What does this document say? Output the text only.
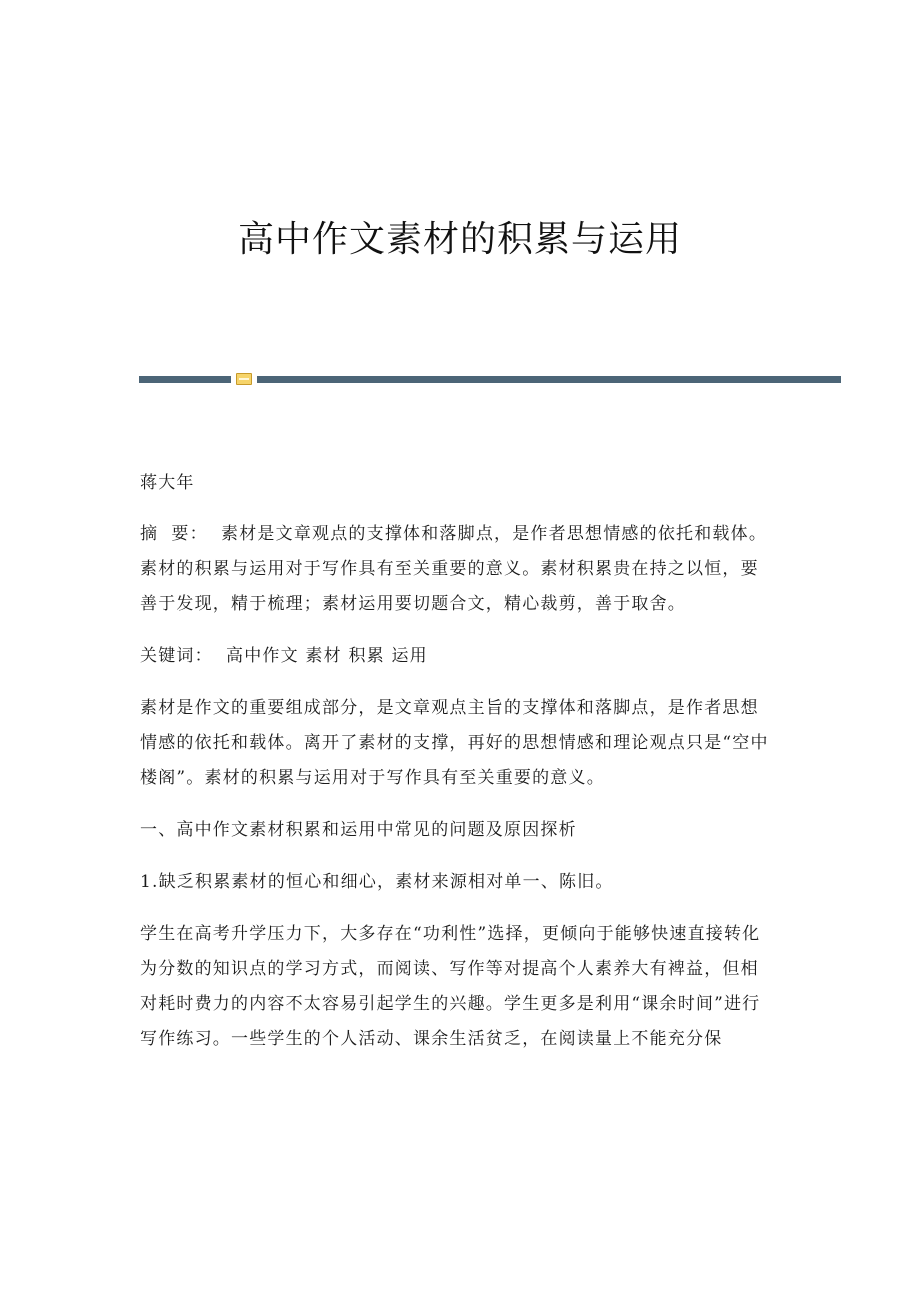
高中作文素材的积累与运用

蒋大年

摘  要： 素材是文章观点的支撑体和落脚点，是作者思想情感的依托和载体。素材的积累与运用对于写作具有至关重要的意义。素材积累贵在持之以恒，要善于发现，精于梳理；素材运用要切题合文，精心裁剪，善于取舍。

关键词： 高中作文 素材 积累 运用

素材是作文的重要组成部分，是文章观点主旨的支撑体和落脚点，是作者思想情感的依托和载体。离开了素材的支撑，再好的思想情感和理论观点只是“空中楼阁”。素材的积累与运用对于写作具有至关重要的意义。

一、高中作文素材积累和运用中常见的问题及原因探析

1.缺乏积累素材的恒心和细心，素材来源相对单一、陈旧。

学生在高考升学压力下，大多存在“功利性”选择，更倾向于能够快速直接转化为分数的知识点的学习方式，而阅读、写作等对提高个人素养大有裨益，但相对耗时费力的内容不太容易引起学生的兴趣。学生更多是利用“课余时间”进行写作练习。一些学生的个人活动、课余生活贫乏，在阅读量上不能充分保
